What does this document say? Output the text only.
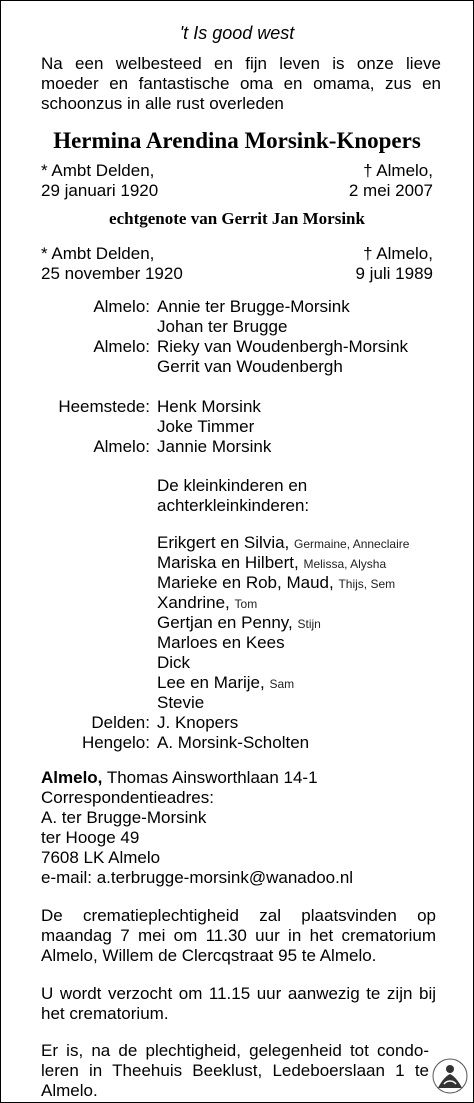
't Is good west
Na een welbesteed en fijn leven is onze lieve moeder en fantastische oma en omama, zus en schoonzus in alle rust overleden
Hermina Arendina Morsink-Knopers
* Ambt Delden,
29 januari 1920
† Almelo,
2 mei 2007
echtgenote van Gerrit Jan Morsink
* Ambt Delden,
25 november 1920
† Almelo,
9 juli 1989
Almelo: Annie ter Brugge-Morsink
Johan ter Brugge
Almelo: Rieky van Woudenbergh-Morsink
Gerrit van Woudenbergh
Heemstede: Henk Morsink
Joke Timmer
Almelo: Jannie Morsink
De kleinkinderen en
achterkleinkinderen:
Erikgert en Silvia, Germaine, Anneclaire
Mariska en Hilbert, Melissa, Alysha
Marieke en Rob, Maud, Thijs, Sem
Xandrine, Tom
Gertjan en Penny, Stijn
Marloes en Kees
Dick
Lee en Marije, Sam
Stevie
Delden: J. Knopers
Hengelo: A. Morsink-Scholten
Almelo, Thomas Ainsworthlaan 14-1
Correspondentieadres:
A. ter Brugge-Morsink
ter Hooge 49
7608 LK Almelo
e-mail: a.terbrugge-morsink@wanadoo.nl
De crematieplechtigheid zal plaatsvinden op maandag 7 mei om 11.30 uur in het crematorium Almelo, Willem de Clercqstraat 95 te Almelo.
U wordt verzocht om 11.15 uur aanwezig te zijn bij het crematorium.
Er is, na de plechtigheid, gelegenheid tot condo-leren in Theehuis Beeklust, Ledeboerslaan 1 te Almelo.
